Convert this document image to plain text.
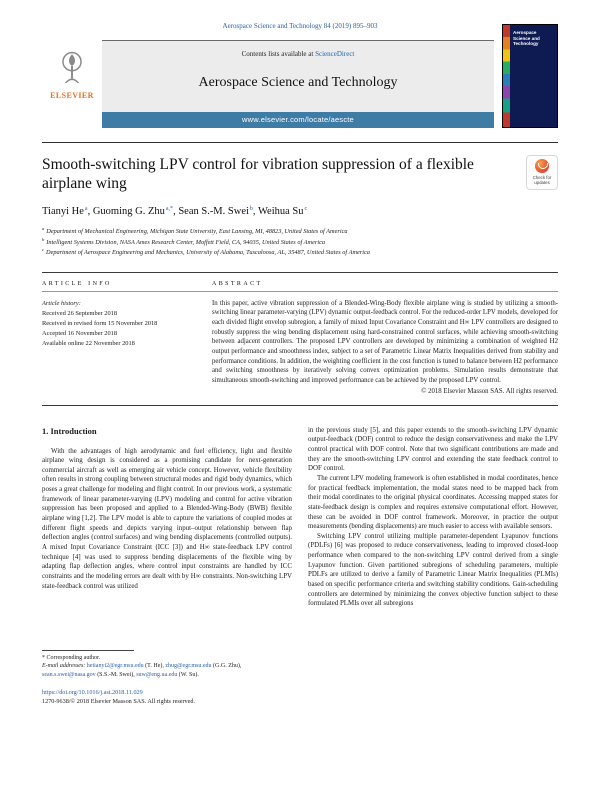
Aerospace Science and Technology 84 (2019) 895–903
ELSEVIER
Contents lists available at ScienceDirect
Aerospace Science and Technology
www.elsevier.com/locate/aescte
Aerospace Science and Technology
Smooth-switching LPV control for vibration suppression of a flexible airplane wing	Check for updates
Tianyi He$^a$ , Guoming G. Zhu$^{a,*}$ , Sean S.-M. Swei$^b$ , Weihua Su$^c$
$^a$ Department of Mechanical Engineering, Michigan State University, East Lansing, MI, 48823, United States of America
$^b$ Intelligent Systems Division, NASA Ames Research Center, Moffett Field, CA, 94035, United States of America
$^c$ Department of Aerospace Engineering and Mechanics, University of Alabama, Tuscaloosa, AL, 35487, United States of America
article info	abstract
Article history:
Received 26 September 2018
Received in revised form 15 November 2018
Accepted 16 November 2018
Available online 22 November 2018

In this paper, active vibration suppression of a Blended-Wing-Body flexible airplane wing is studied by utilizing a smooth-switching linear parameter-varying (LPV) dynamic output-feedback control. For the reduced-order LPV models, developed for each divided flight envelop subregion, a family of mixed Input Covariance Constraint and H∞ LPV controllers are designed to robustly suppress the wing bending displacement using hard-constrained control surfaces, while achieving smooth-switching between adjacent controllers. The proposed LPV controllers are developed by minimizing a combination of weighted H2 output performance and smoothness index, subject to a set of Parametric Linear Matrix Inequalities derived from stability and performance conditions. In addition, the weighting coefficient in the cost function is tuned to balance between H2 performance and switching smoothness by iteratively solving convex optimization problems. Simulation results demonstrate that simultaneous smooth-switching and improved performance can be achieved by the proposed LPV control.

© 2018 Elsevier Masson SAS. All rights reserved.
1. Introduction

With the advantages of high aerodynamic and fuel efficiency, light and flexible airplane wing design is considered as a promising candidate for next-generation commercial aircraft as well as emerging air vehicle concept. However, vehicle flexibility often results in strong coupling between structural modes and rigid body dynamics, which poses a great challenge for modeling and flight control. In our previous work, a systematic framework of linear parameter-varying (LPV) modeling and control for active vibration suppression has been proposed and applied to a Blended-Wing-Body (BWB) flexible airplane wing [1,2]. The LPV model is able to capture the variations of coupled modes at different flight speeds and depicts varying input–output relationship between flap deflection angles (control surfaces) and wing bending displacements (controlled outputs). A mixed Input Covariance Constraint (ICC [3]) and H∞ state-feedback LPV control technique [4] was used to suppress bending displacements of the flexible wing by adapting flap deflection angles, where control input constraints are handled by ICC constraints and the modeling errors are dealt with by H∞ constraints. Non-switching LPV state-feedback control was utilized

* Corresponding author.
E-mail addresses: hetianyi2@egr.msu.edu (T. He), zhug@egr.msu.edu (G.G. Zhu), sean.s.swei@nasa.gov (S.S.-M. Swei), suw@eng.ua.edu (W. Su).

in the previous study [5], and this paper extends to the smooth-switching LPV dynamic output-feedback (DOF) control to reduce the design conservativeness and make the LPV control practical with DOF control. Note that two significant contributions are made and they are the smooth-switching LPV control and extending the state feedback control to DOF control.

The current LPV modeling framework is often established in modal coordinates, hence for practical feedback implementation, the modal states need to be mapped back from their modal coordinates to the original physical coordinates. Accessing mapped states for state-feedback design is complex and requires extensive computational effort. However, these can be avoided in DOF control framework. Moreover, in practice the output measurements (bending displacements) are much easier to access with available sensors.

Switching LPV control utilizing multiple parameter-dependent Lyapunov functions (PDLFs) [6] was proposed to reduce conservativeness, leading to improved closed-loop performance when compared to the non-switching LPV control derived from a single Lyapunov function. Given partitioned subregions of scheduling parameters, multiple PDLFs are utilized to derive a family of Parametric Linear Matrix Inequalities (PLMIs) based on specific performance criteria and switching stability conditions. Gain-scheduling controllers are determined by minimizing the convex objective function subject to these formulated PLMIs over all subregions

https://doi.org/10.1016/j.ast.2018.11.029
1270-9638/© 2018 Elsevier Masson SAS. All rights reserved.
